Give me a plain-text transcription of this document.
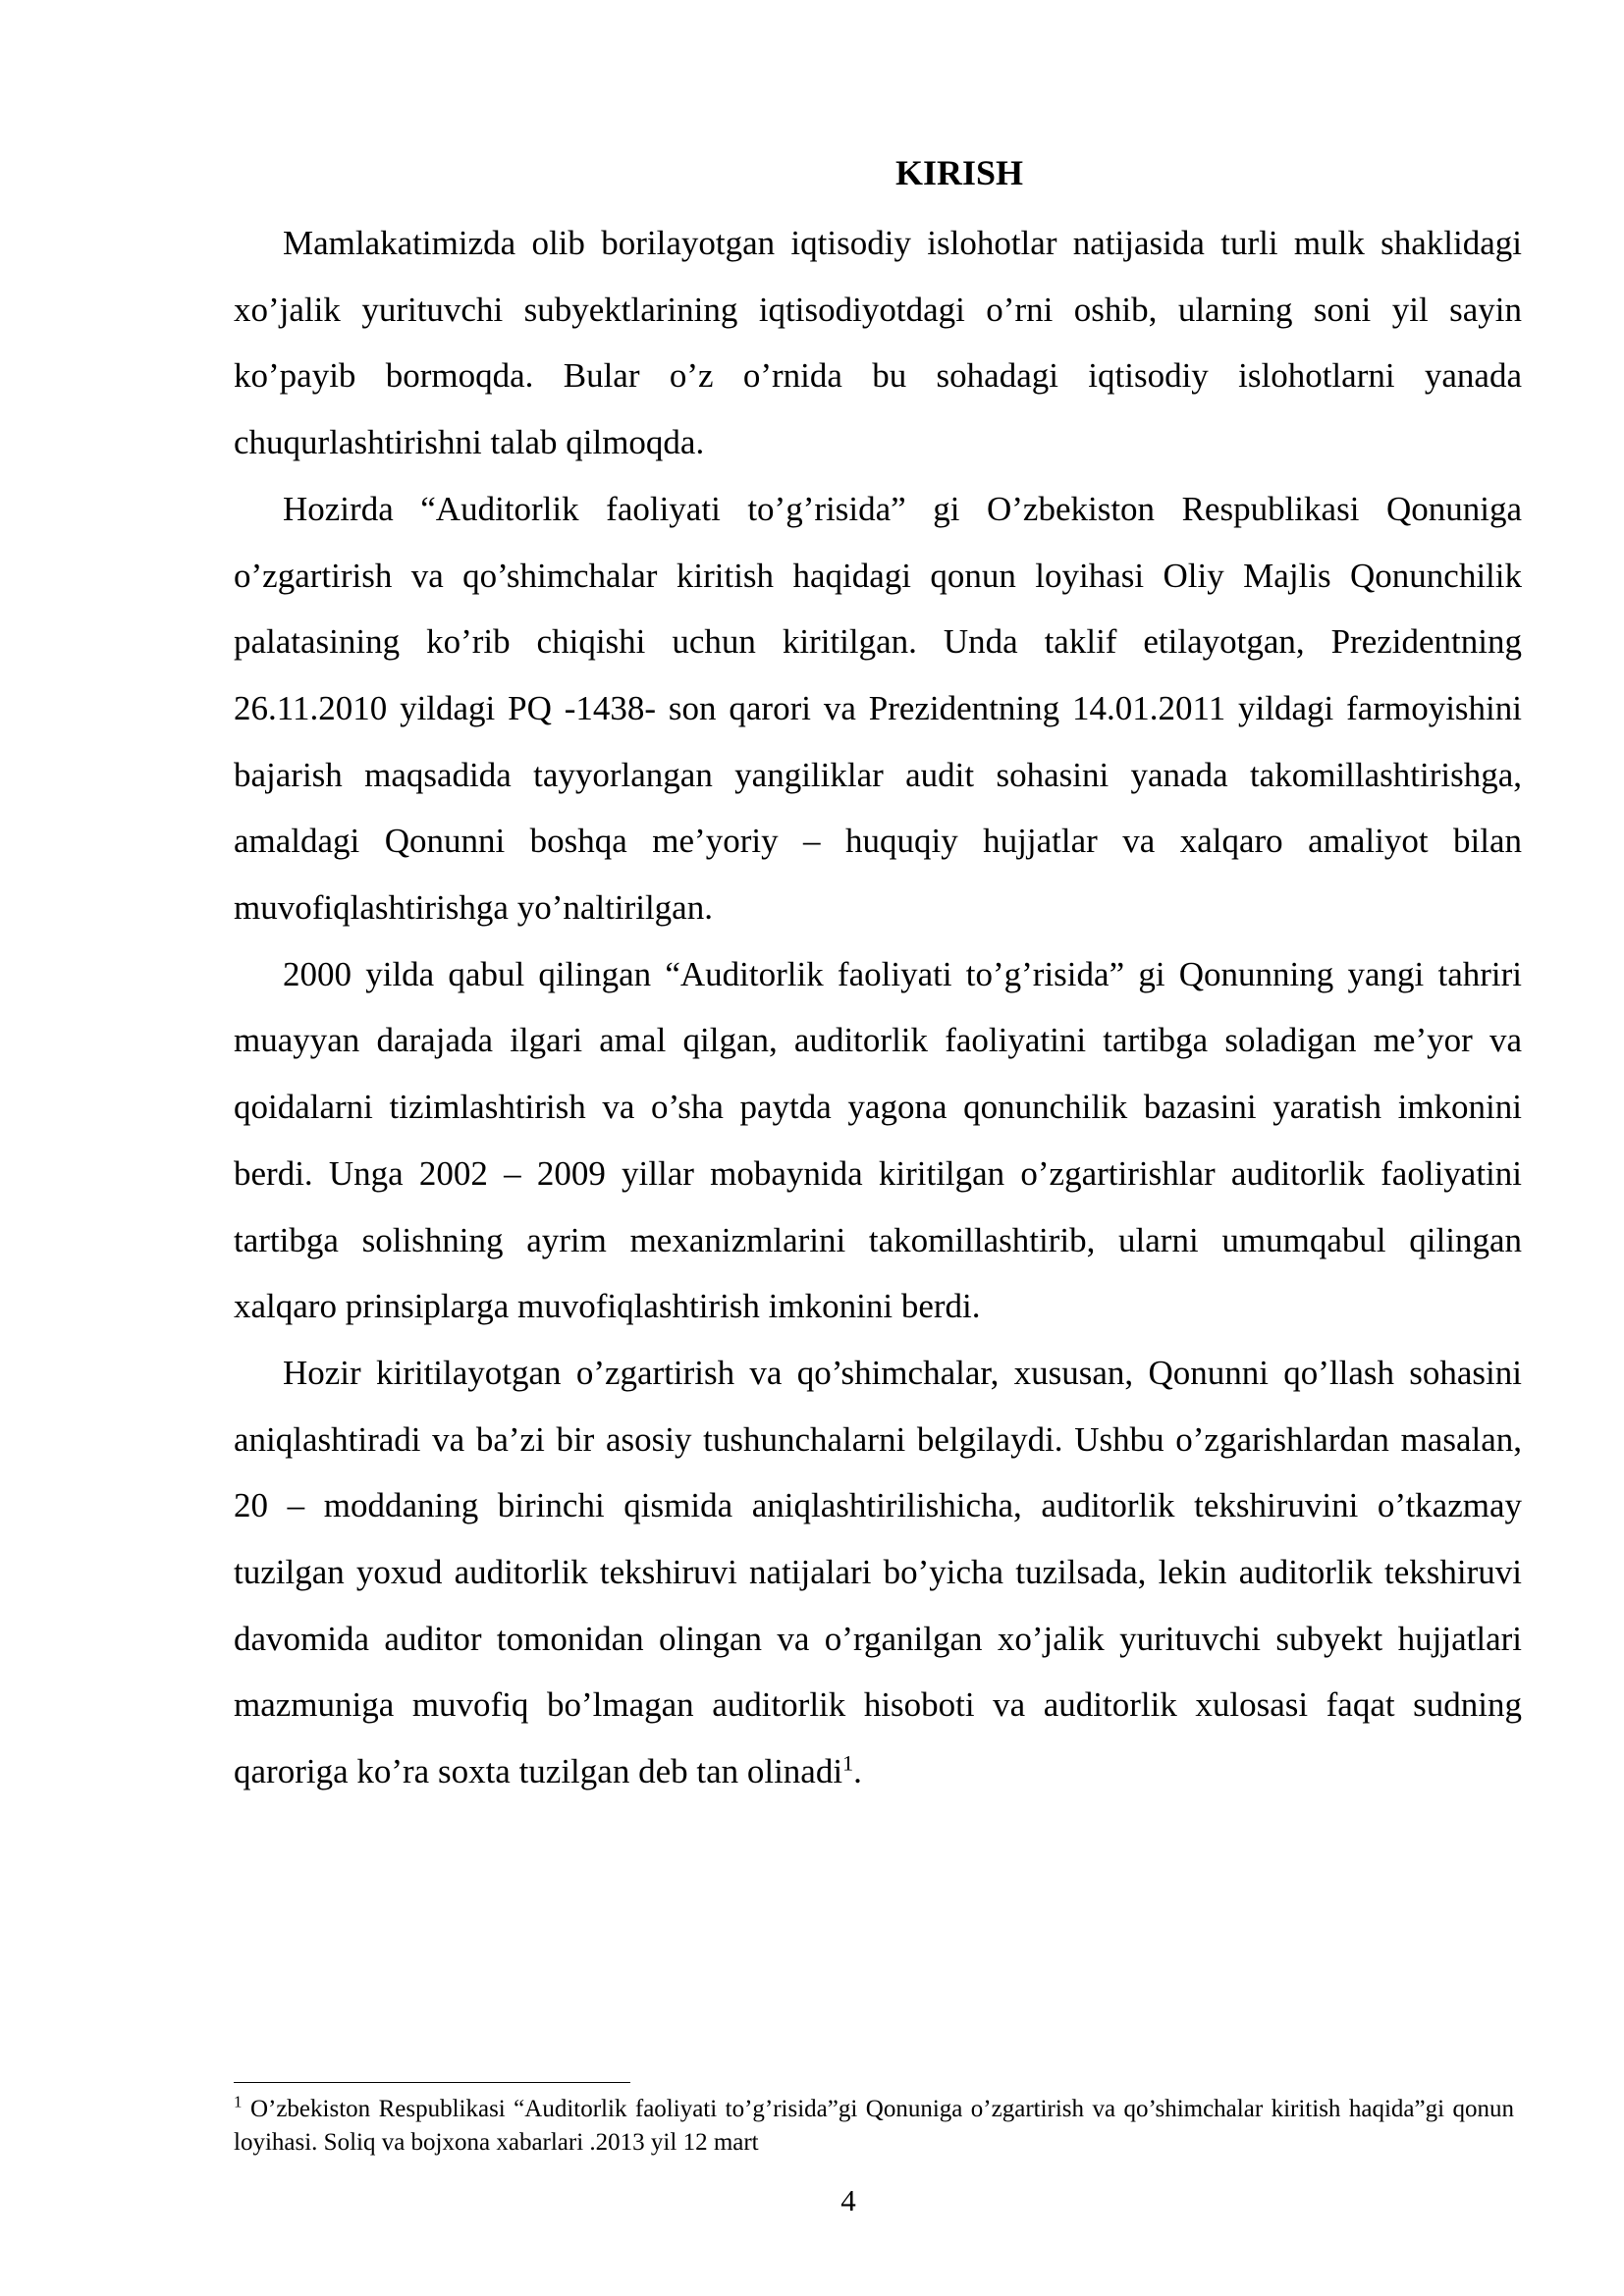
KIRISH

Mamlakatimizda olib borilayotgan iqtisodiy islohotlar natijasida turli mulk shaklidagi xo’jalik yurituvchi subyektlarining iqtisodiyotdagi o’rni oshib, ularning soni yil sayin ko’payib bormoqda. Bular o’z o’rnida bu sohadagi iqtisodiy islohotlarni yanada chuqurlashtirishni talab qilmoqda.

Hozirda “Auditorlik faoliyati to’g’risida” gi O’zbekiston Respublikasi Qonuniga o’zgartirish va qo’shimchalar kiritish haqidagi qonun loyihasi Oliy Majlis Qonunchilik palatasining ko’rib chiqishi uchun kiritilgan. Unda taklif etilayotgan, Prezidentning 26.11.2010 yildagi PQ -1438- son qarori va Prezidentning 14.01.2011 yildagi farmoyishini bajarish maqsadida tayyorlangan yangiliklar audit sohasini yanada takomillashtirishga, amaldagi Qonunni boshqa me’yoriy – huquqiy hujjatlar va xalqaro amaliyot bilan muvofiqlashtirishga yo’naltirilgan.

2000 yilda qabul qilingan “Auditorlik faoliyati to’g’risida” gi Qonunning yangi tahriri muayyan darajada ilgari amal qilgan, auditorlik faoliyatini tartibga soladigan me’yor va qoidalarni tizimlashtirish va o’sha paytda yagona qonunchilik bazasini yaratish imkonini berdi. Unga 2002 – 2009 yillar mobaynida kiritilgan o’zgartirishlar auditorlik faoliyatini tartibga solishning ayrim mexanizmlarini takomillashtirib, ularni umumqabul qilingan xalqaro prinsiplarga muvofiqlashtirish imkonini berdi.

Hozir kiritilayotgan o’zgartirish va qo’shimchalar, xususan, Qonunni qo’llash sohasini aniqlashtiradi va ba’zi bir asosiy tushunchalarni belgilaydi. Ushbu o’zgarishlardan masalan, 20 – moddaning birinchi qismida aniqlashtirilishicha, auditorlik tekshiruvini o’tkazmay tuzilgan yoxud auditorlik tekshiruvi natijalari bo’yicha tuzilsada, lekin auditorlik tekshiruvi davomida auditor tomonidan olingan va o’rganilgan xo’jalik yurituvchi subyekt hujjatlari mazmuniga muvofiq bo’lmagan auditorlik hisoboti va auditorlik xulosasi faqat sudning qaroriga ko’ra soxta tuzilgan deb tan olinadi$^1$.

$^1$ O’zbekiston Respublikasi “Auditorlik faoliyati to’g’risida”gi Qonuniga o’zgartirish va qo’shimchalar kiritish haqida”gi qonun loyihasi. Soliq va bojxona xabarlari .2013 yil 12 mart

4
